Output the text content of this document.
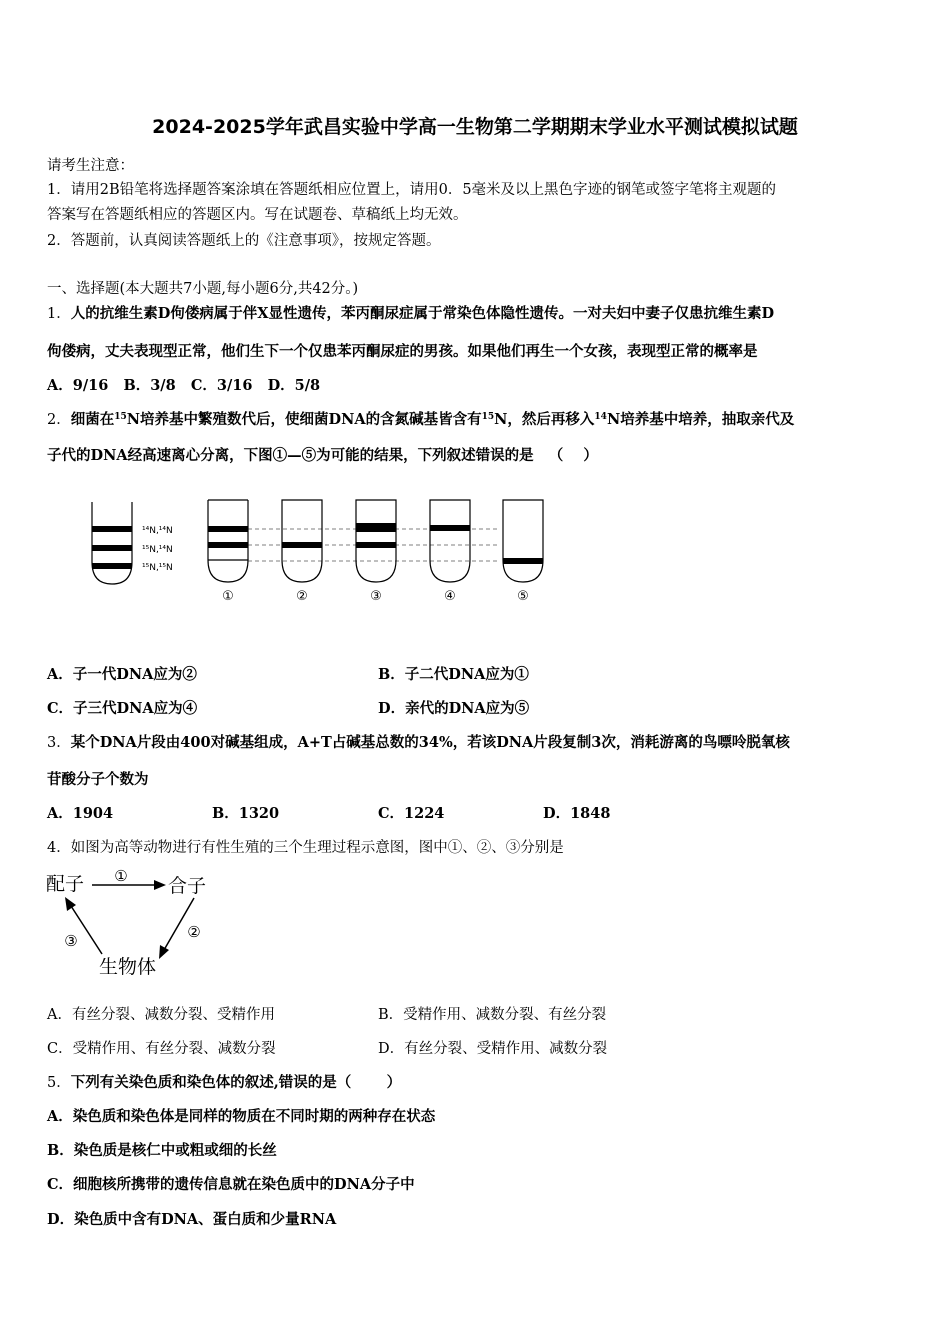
2024-2025学年武昌实验中学高一生物第二学期期末学业水平测试模拟试题
请考生注意：
1．请用2B铅笔将选择题答案涂填在答题纸相应位置上，请用0．5毫米及以上黑色字迹的钢笔或签字笔将主观题的
答案写在答题纸相应的答题区内。写在试题卷、草稿纸上均无效。
2．答题前，认真阅读答题纸上的《注意事项》，按规定答题。
一、选择题(本大题共7小题,每小题6分,共42分。)
1．人的抗维生素D佝偻病属于伴X显性遗传，苯丙酮尿症属于常染色体隐性遗传。一对夫妇中妻子仅患抗维生素D
佝偻病，丈夫表现型正常，他们生下一个仅患苯丙酮尿症的男孩。如果他们再生一个女孩，表现型正常的概率是
A．9/16   B．3/8   C．3/16   D．5/8
2．细菌在$^{15}$N培养基中繁殖数代后，使细菌DNA的含氮碱基皆含有$^{15}$N，然后再移入$^{14}$N培养基中培养，抽取亲代及
子代的DNA经高速离心分离，下图①—⑤为可能的结果，下列叙述错误的是   （    ）
¹⁴N,¹⁴N
¹⁵N,¹⁴N
¹⁵N,¹⁵N
①	②	③	④	⑤
A．子一代DNA应为②	B．子二代DNA应为①
C．子三代DNA应为④	D．亲代的DNA应为⑤
3．某个DNA片段由400对碱基组成，A+T占碱基总数的34%，若该DNA片段复制3次，消耗游离的鸟嘌呤脱氧核
苷酸分子个数为
A．1904	B．1320	C．1224	D．1848
4．如图为高等动物进行有性生殖的三个生理过程示意图，图中①、②、③分别是
配子	合子
生物体
①
②
③
A．有丝分裂、减数分裂、受精作用	B．受精作用、减数分裂、有丝分裂
C．受精作用、有丝分裂、减数分裂	D．有丝分裂、受精作用、减数分裂
5．下列有关染色质和染色体的叙述,错误的是（       ）
A．染色质和染色体是同样的物质在不同时期的两种存在状态
B．染色质是核仁中或粗或细的长丝
C．细胞核所携带的遗传信息就在染色质中的DNA分子中
D．染色质中含有DNA、蛋白质和少量RNA
